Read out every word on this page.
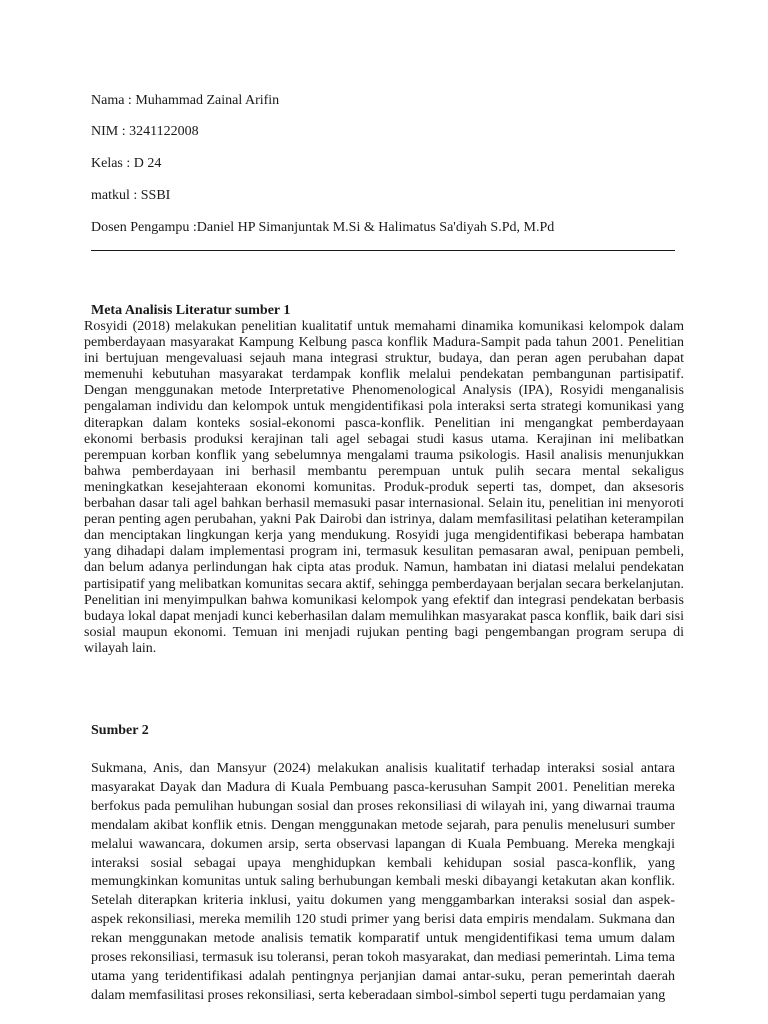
Nama : Muhammad Zainal Arifin
NIM : 3241122008
Kelas : D 24
matkul : SSBI
Dosen Pengampu :Daniel HP Simanjuntak M.Si & Halimatus Sa'diyah S.Pd, M.Pd
Meta Analisis Literatur sumber 1

Rosyidi (2018) melakukan penelitian kualitatif untuk memahami dinamika komunikasi kelompok dalam pemberdayaan masyarakat Kampung Kelbung pasca konflik Madura-Sampit pada tahun 2001. Penelitian ini bertujuan mengevaluasi sejauh mana integrasi struktur, budaya, dan peran agen perubahan dapat memenuhi kebutuhan masyarakat terdampak konflik melalui pendekatan pembangunan partisipatif. Dengan menggunakan metode Interpretative Phenomenological Analysis (IPA), Rosyidi menganalisis pengalaman individu dan kelompok untuk mengidentifikasi pola interaksi serta strategi komunikasi yang diterapkan dalam konteks sosial-ekonomi pasca-konflik. Penelitian ini mengangkat pemberdayaan ekonomi berbasis produksi kerajinan tali agel sebagai studi kasus utama. Kerajinan ini melibatkan perempuan korban konflik yang sebelumnya mengalami trauma psikologis. Hasil analisis menunjukkan bahwa pemberdayaan ini berhasil membantu perempuan untuk pulih secara mental sekaligus meningkatkan kesejahteraan ekonomi komunitas. Produk-produk seperti tas, dompet, dan aksesoris berbahan dasar tali agel bahkan berhasil memasuki pasar internasional. Selain itu, penelitian ini menyoroti peran penting agen perubahan, yakni Pak Dairobi dan istrinya, dalam memfasilitasi pelatihan keterampilan dan menciptakan lingkungan kerja yang mendukung. Rosyidi juga mengidentifikasi beberapa hambatan yang dihadapi dalam implementasi program ini, termasuk kesulitan pemasaran awal, penipuan pembeli, dan belum adanya perlindungan hak cipta atas produk. Namun, hambatan ini diatasi melalui pendekatan partisipatif yang melibatkan komunitas secara aktif, sehingga pemberdayaan berjalan secara berkelanjutan. Penelitian ini menyimpulkan bahwa komunikasi kelompok yang efektif dan integrasi pendekatan berbasis budaya lokal dapat menjadi kunci keberhasilan dalam memulihkan masyarakat pasca konflik, baik dari sisi sosial maupun ekonomi. Temuan ini menjadi rujukan penting bagi pengembangan program serupa di wilayah lain.

Sumber 2

Sukmana, Anis, dan Mansyur (2024) melakukan analisis kualitatif terhadap interaksi sosial antara masyarakat Dayak dan Madura di Kuala Pembuang pasca-kerusuhan Sampit 2001. Penelitian mereka berfokus pada pemulihan hubungan sosial dan proses rekonsiliasi di wilayah ini, yang diwarnai trauma mendalam akibat konflik etnis. Dengan menggunakan metode sejarah, para penulis menelusuri sumber melalui wawancara, dokumen arsip, serta observasi lapangan di Kuala Pembuang. Mereka mengkaji interaksi sosial sebagai upaya menghidupkan kembali kehidupan sosial pasca-konflik, yang memungkinkan komunitas untuk saling berhubungan kembali meski dibayangi ketakutan akan konflik. Setelah diterapkan kriteria inklusi, yaitu dokumen yang menggambarkan interaksi sosial dan aspek-aspek rekonsiliasi, mereka memilih 120 studi primer yang berisi data empiris mendalam. Sukmana dan rekan menggunakan metode analisis tematik komparatif untuk mengidentifikasi tema umum dalam proses rekonsiliasi, termasuk isu toleransi, peran tokoh masyarakat, dan mediasi pemerintah. Lima tema utama yang teridentifikasi adalah pentingnya perjanjian damai antar-suku, peran pemerintah daerah dalam memfasilitasi proses rekonsiliasi, serta keberadaan simbol-simbol seperti tugu perdamaian yang
